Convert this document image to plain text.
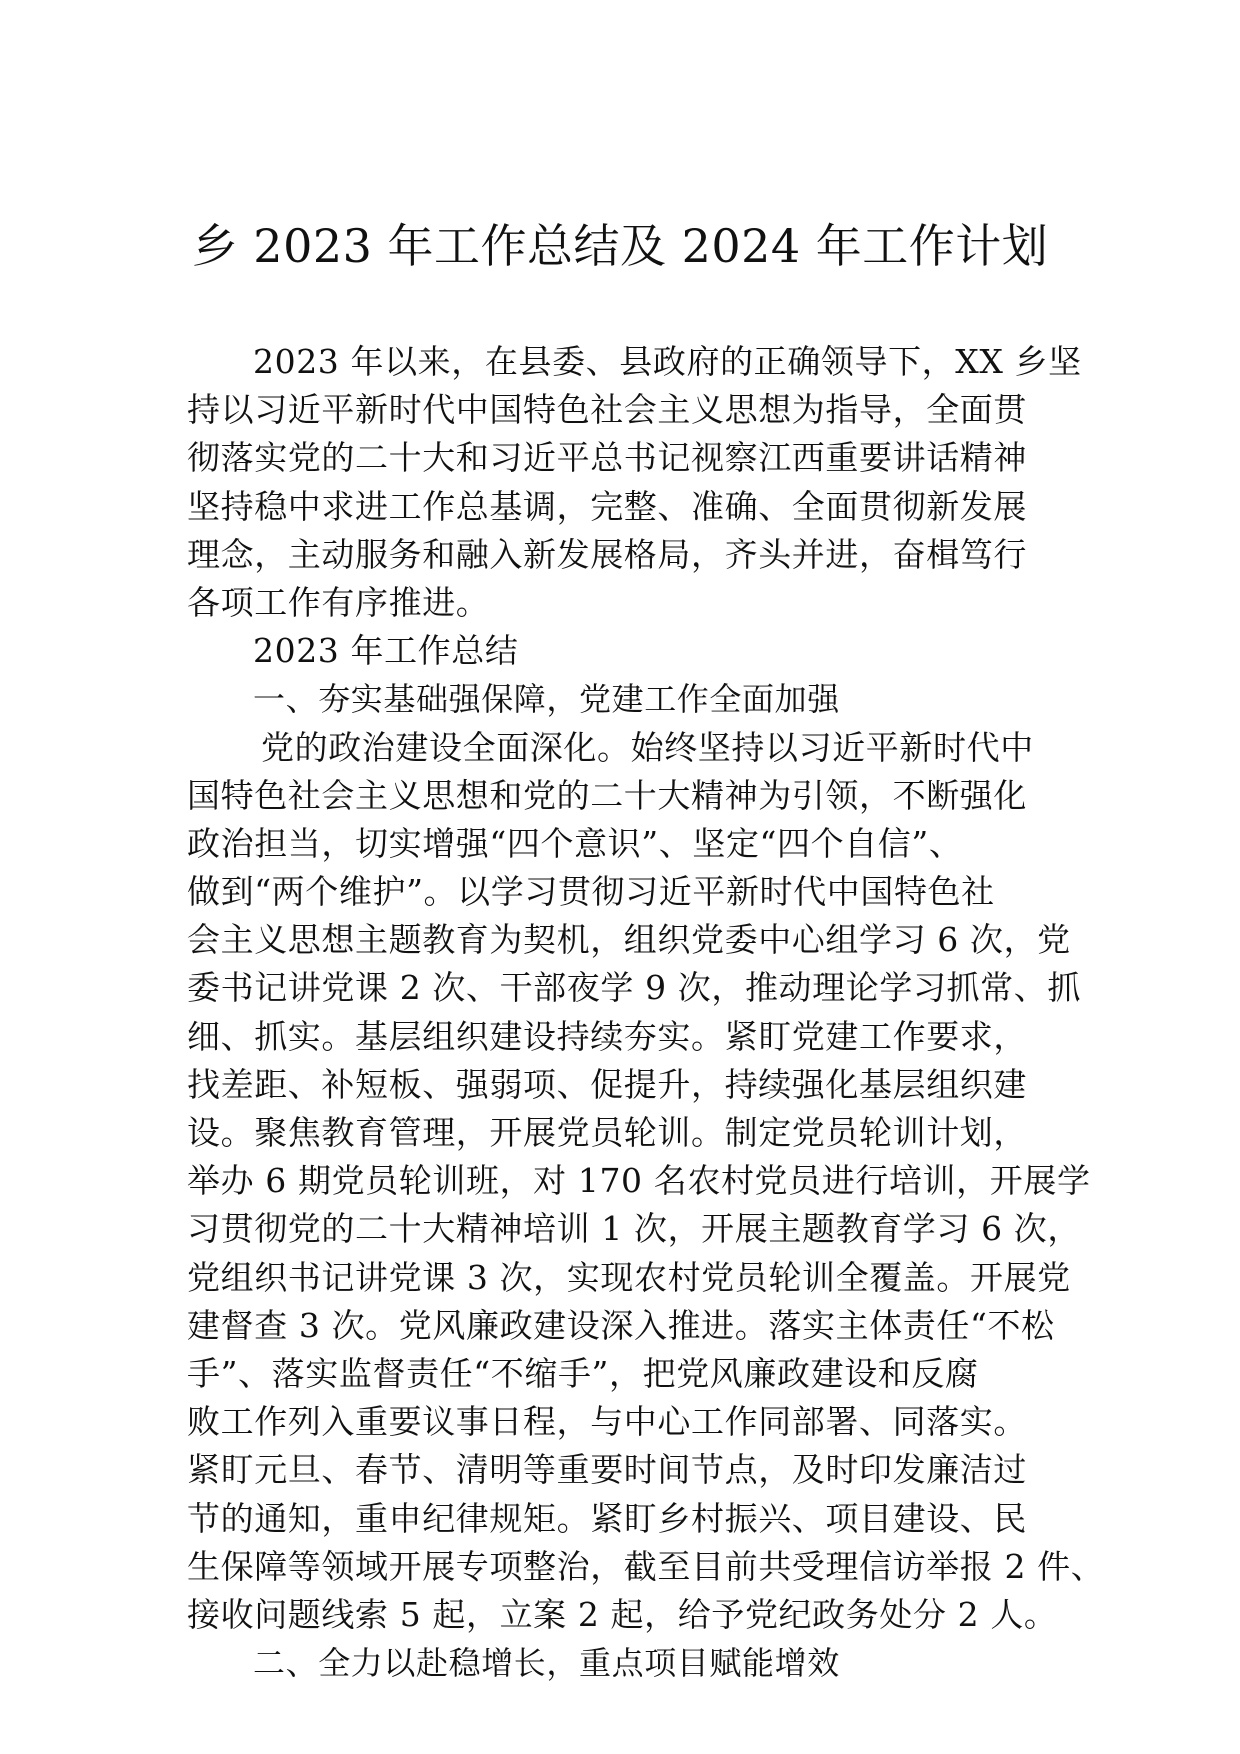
乡 2023 年工作总结及 2024 年工作计划
2023 年以来，在县委、县政府的正确领导下，XX 乡坚
持以习近平新时代中国特色社会主义思想为指导，全面贯
彻落实党的二十大和习近平总书记视察江西重要讲话精神
坚持稳中求进工作总基调，完整、准确、全面贯彻新发展
理念，主动服务和融入新发展格局，齐头并进，奋楫笃行
各项工作有序推进。
2023 年工作总结
一、夯实基础强保障，党建工作全面加强
党的政治建设全面深化。始终坚持以习近平新时代中
国特色社会主义思想和党的二十大精神为引领，不断强化
政治担当，切实增强“四个意识”、坚定“四个自信”、
做到“两个维护”。以学习贯彻习近平新时代中国特色社
会主义思想主题教育为契机，组织党委中心组学习 6 次，党
委书记讲党课 2 次、干部夜学 9 次，推动理论学习抓常、抓
细、抓实。基层组织建设持续夯实。紧盯党建工作要求，
找差距、补短板、强弱项、促提升，持续强化基层组织建
设。聚焦教育管理，开展党员轮训。制定党员轮训计划，
举办 6 期党员轮训班，对 170 名农村党员进行培训，开展学
习贯彻党的二十大精神培训 1 次，开展主题教育学习 6 次，
党组织书记讲党课 3 次，实现农村党员轮训全覆盖。开展党
建督查 3 次。党风廉政建设深入推进。落实主体责任“不松
手”、落实监督责任“不缩手”，把党风廉政建设和反腐
败工作列入重要议事日程，与中心工作同部署、同落实。
紧盯元旦、春节、清明等重要时间节点，及时印发廉洁过
节的通知，重申纪律规矩。紧盯乡村振兴、项目建设、民
生保障等领域开展专项整治，截至目前共受理信访举报 2 件、
接收问题线索 5 起，立案 2 起，给予党纪政务处分 2 人。
二、全力以赴稳增长，重点项目赋能增效
